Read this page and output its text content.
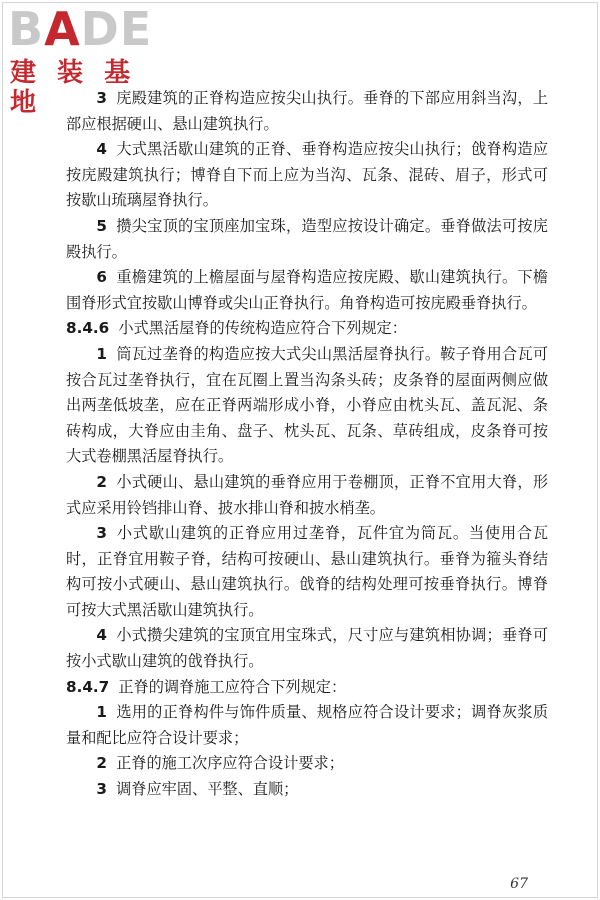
BADE
建 装 基 地	3 庑殿建筑的正脊构造应按尖山执行。垂脊的下部应用斜当沟，上部应根据硬山、悬山建筑执行。

4 大式黑活歇山建筑的正脊、垂脊构造应按尖山执行；戗脊构造应按庑殿建筑执行；博脊自下而上应为当沟、瓦条、混砖、眉子，形式可按歇山琉璃屋脊执行。

5 攒尖宝顶的宝顶座加宝珠，造型应按设计确定。垂脊做法可按庑殿执行。

6 重檐建筑的上檐屋面与屋脊构造应按庑殿、歇山建筑执行。下檐围脊形式宜按歇山博脊或尖山正脊执行。角脊构造可按庑殿垂脊执行。

8.4.6 小式黑活屋脊的传统构造应符合下列规定：

1 筒瓦过垄脊的构造应按大式尖山黑活屋脊执行。鞍子脊用合瓦可按合瓦过垄脊执行，宜在瓦圈上置当沟条头砖；皮条脊的屋面两侧应做出两垄低坡垄，应在正脊两端形成小脊，小脊应由枕头瓦、盖瓦泥、条砖构成，大脊应由圭角、盘子、枕头瓦、瓦条、草砖组成，皮条脊可按大式卷棚黑活屋脊执行。

2 小式硬山、悬山建筑的垂脊应用于卷棚顶，正脊不宜用大脊，形式应采用铃铛排山脊、披水排山脊和披水梢垄。

3 小式歇山建筑的正脊应用过垄脊，瓦件宜为筒瓦。当使用合瓦时，正脊宜用鞍子脊，结构可按硬山、悬山建筑执行。垂脊为箍头脊结构可按小式硬山、悬山建筑执行。戗脊的结构处理可按垂脊执行。博脊可按大式黑活歇山建筑执行。

4 小式攒尖建筑的宝顶宜用宝珠式，尺寸应与建筑相协调；垂脊可按小式歇山建筑的戗脊执行。

8.4.7 正脊的调脊施工应符合下列规定：

1 选用的正脊构件与饰件质量、规格应符合设计要求；调脊灰浆质量和配比应符合设计要求；

2 正脊的施工次序应符合设计要求；

3 调脊应牢固、平整、直顺；

67
